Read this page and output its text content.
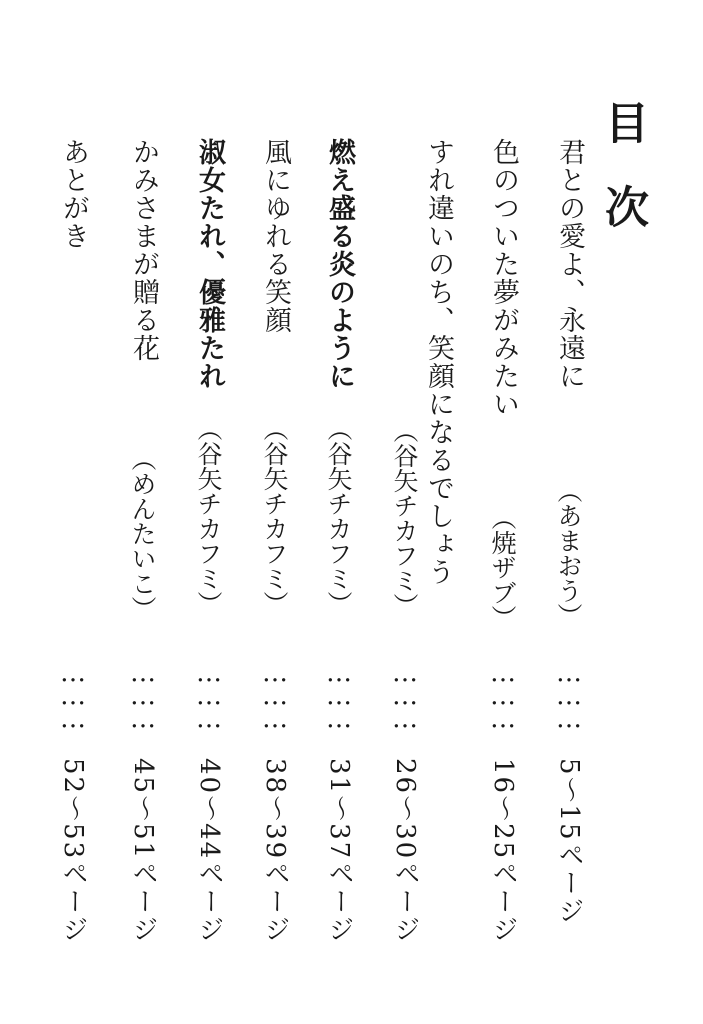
目次
君との愛よ、永遠に
（あまおう）
………
5〜15ページ
色のついた夢がみたい
（焼ザブ）
………
16〜25ページ
すれ違いのち、笑顔になるでしょう
（谷矢チカフミ）
………
26〜30ページ
燃え盛る炎のように
（谷矢チカフミ）
………
31〜37ページ
風にゆれる笑顔
（谷矢チカフミ）
………
38〜39ページ
淑女たれ、優雅たれ
（谷矢チカフミ）
………
40〜44ページ
かみさまが贈る花
（めんたいこ）
………
45〜51ページ
あとがき
………
52〜53ページ
